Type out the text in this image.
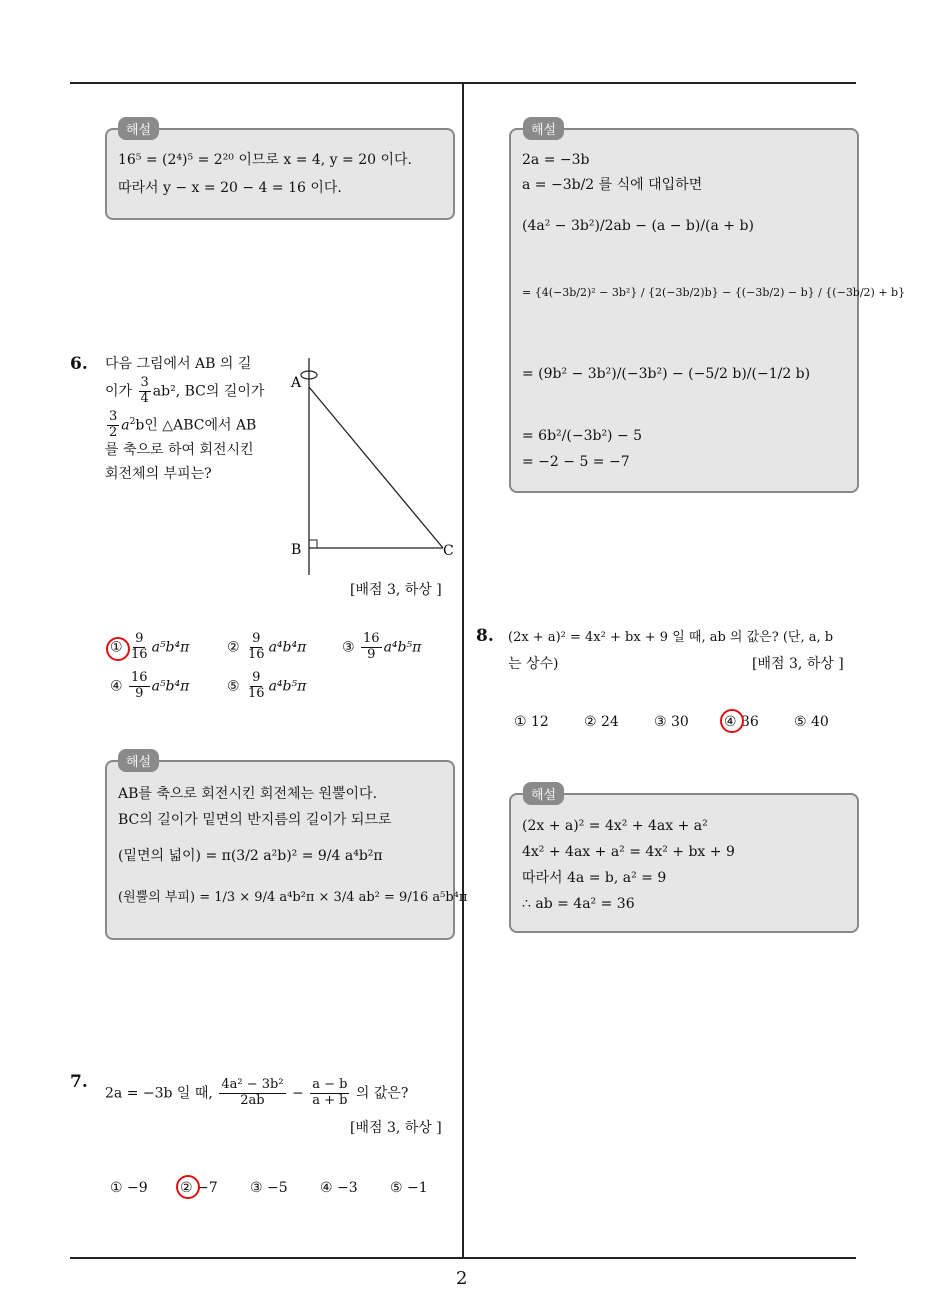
2
해설
16⁵ = (2⁴)⁵ = 2²⁰ 이므로 x = 4, y = 20 이다.
따라서 y − x = 20 − 4 = 16 이다.
6. 다음 그림에서 AB 의 길
이가 $\frac{3}{4} ab^2$, BC의 길이가
$\frac{3}{2} a^2b$인 △ABC에서 AB
를 축으로 하여 회전시킨
회전체의 부피는?
A
B	C
[배점 3, 하상 ]
① $\frac{9}{16} a^5b^4\pi$	② $\frac{9}{16} a^4b^4\pi$	③ $\frac{16}{9} a^4b^5\pi$
④ $\frac{16}{9} a^5b^4\pi$	⑤ $\frac{9}{16} a^4b^5\pi$
해설
AB를 축으로 회전시킨 회전체는 원뿔이다.
BC의 길이가 밑면의 반지름의 길이가 되므로
(밑면의 넓이) = π(3/2 a²b)² = 9/4 a⁴b²π
(원뿔의 부피) = 1/3 × 9/4 a⁴b²π × 3/4 ab² = 9/16 a⁵b⁴π
7.
2a = −3b 일 때, $\frac{\text{4a² − 3b²}}{2ab} - \frac{a - b}{a + b}$ 의 값은?
[배점 3, 하상 ]
① −9 ② −7 ③ −5 ④ −3 ⑤ −1
해설
2a = −3b
a = −3b/2 를 식에 대입하면
(4a² − 3b²)/2ab − (a − b)/(a + b)
= {4(−3b/2)² − 3b²} / {2(−3b/2)b} − {(−3b/2) − b} / {(−3b/2) + b}
= (9b² − 3b²)/(−3b²) − (−5/2 b)/(−1/2 b)
= 6b²/(−3b²) − 5
= −2 − 5 = −7
8. (2x + a)² = 4x² + bx + 9 일 때, ab 의 값은? (단, a, b
는 상수)	[배점 3, 하상 ]
① 12	② 24	③ 30	④ 36	⑤ 40
해설
(2x + a)² = 4x² + 4ax + a²
4x² + 4ax + a² = 4x² + bx + 9
따라서 4a = b, a² = 9
∴ ab = 4a² = 36
